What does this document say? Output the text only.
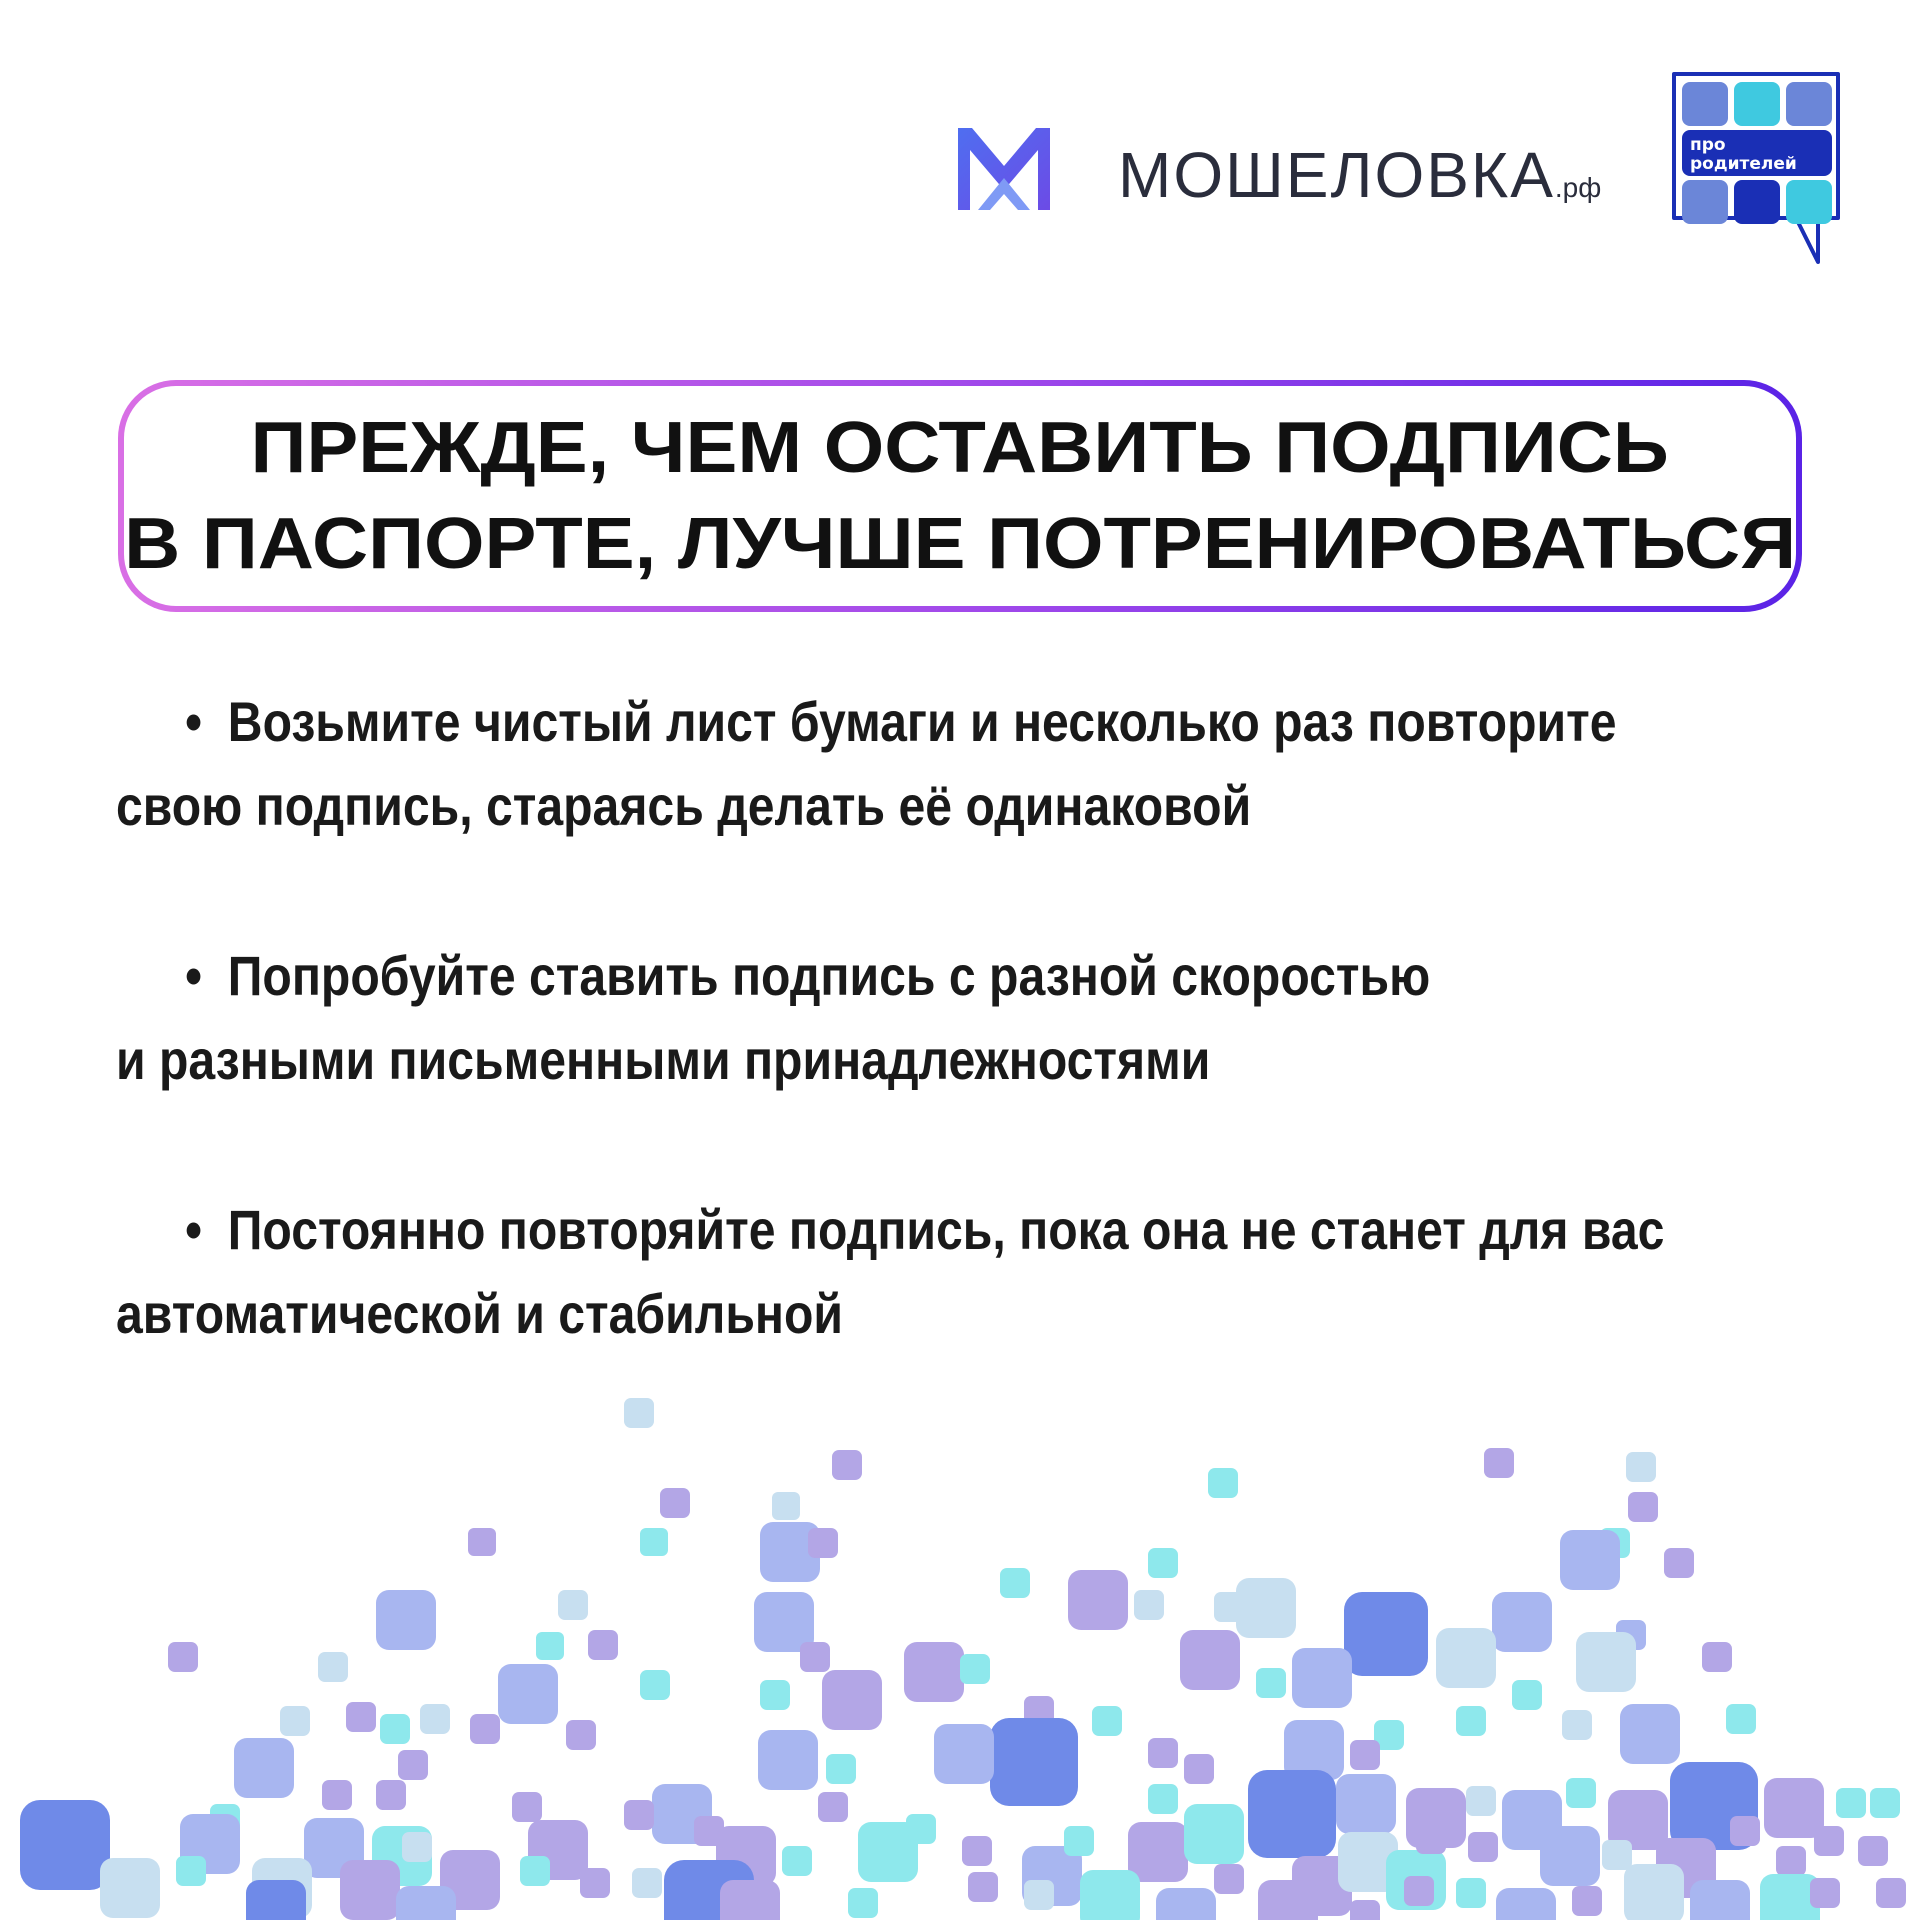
МОШЕЛОВКА.рф
про
родителей
ПРЕЖДЕ, ЧЕМ ОСТАВИТЬ ПОДПИСЬ
В ПАСПОРТЕ, ЛУЧШЕ ПОТРЕНИРОВАТЬСЯ
• Возьмите чистый лист бумаги и несколько раз повторите
свою подпись, стараясь делать её одинаковой
• Попробуйте ставить подпись с разной скоростью
и разными письменными принадлежностями
• Постоянно повторяйте подпись, пока она не станет для вас
автоматической и стабильной
